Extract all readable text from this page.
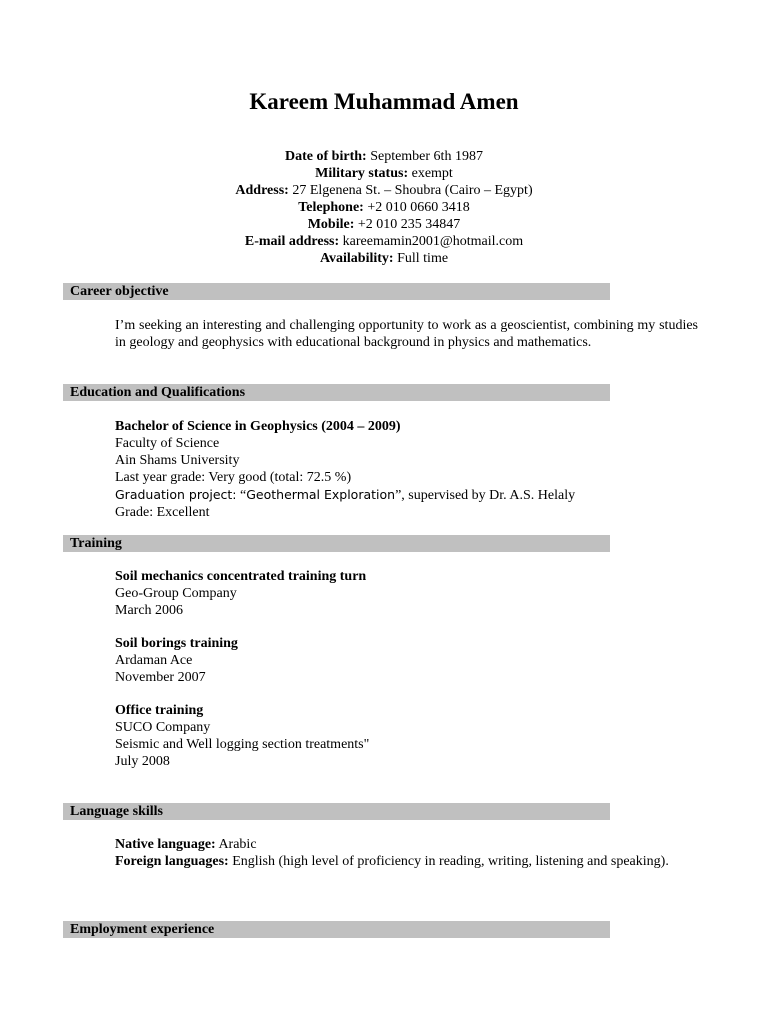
Kareem Muhammad Amen
Date of birth: September 6th 1987
Military status: exempt
Address: 27 Elgenena St. – Shoubra (Cairo – Egypt)
Telephone: +2 010 0660 3418
Mobile: +2 010 235 34847
E-mail address: kareemamin2001@hotmail.com
Availability: Full time
Career objective
I’m seeking an interesting and challenging opportunity to work as a geoscientist, combining my studies in geology and geophysics with educational background in physics and mathematics.
Education and Qualifications
Bachelor of Science in Geophysics (2004 – 2009)
Faculty of Science
Ain Shams University
Last year grade: Very good (total: 72.5 %)
Graduation project: “Geothermal Exploration”, supervised by Dr. A.S. Helaly
Grade: Excellent
Training
Soil mechanics concentrated training turn
Geo-Group Company
March 2006
Soil borings training
Ardaman Ace
November 2007
Office training
SUCO Company
Seismic and Well logging section treatments"
July 2008
Language skills
Native language: Arabic
Foreign languages: English (high level of proficiency in reading, writing, listening and speaking).
Employment experience
